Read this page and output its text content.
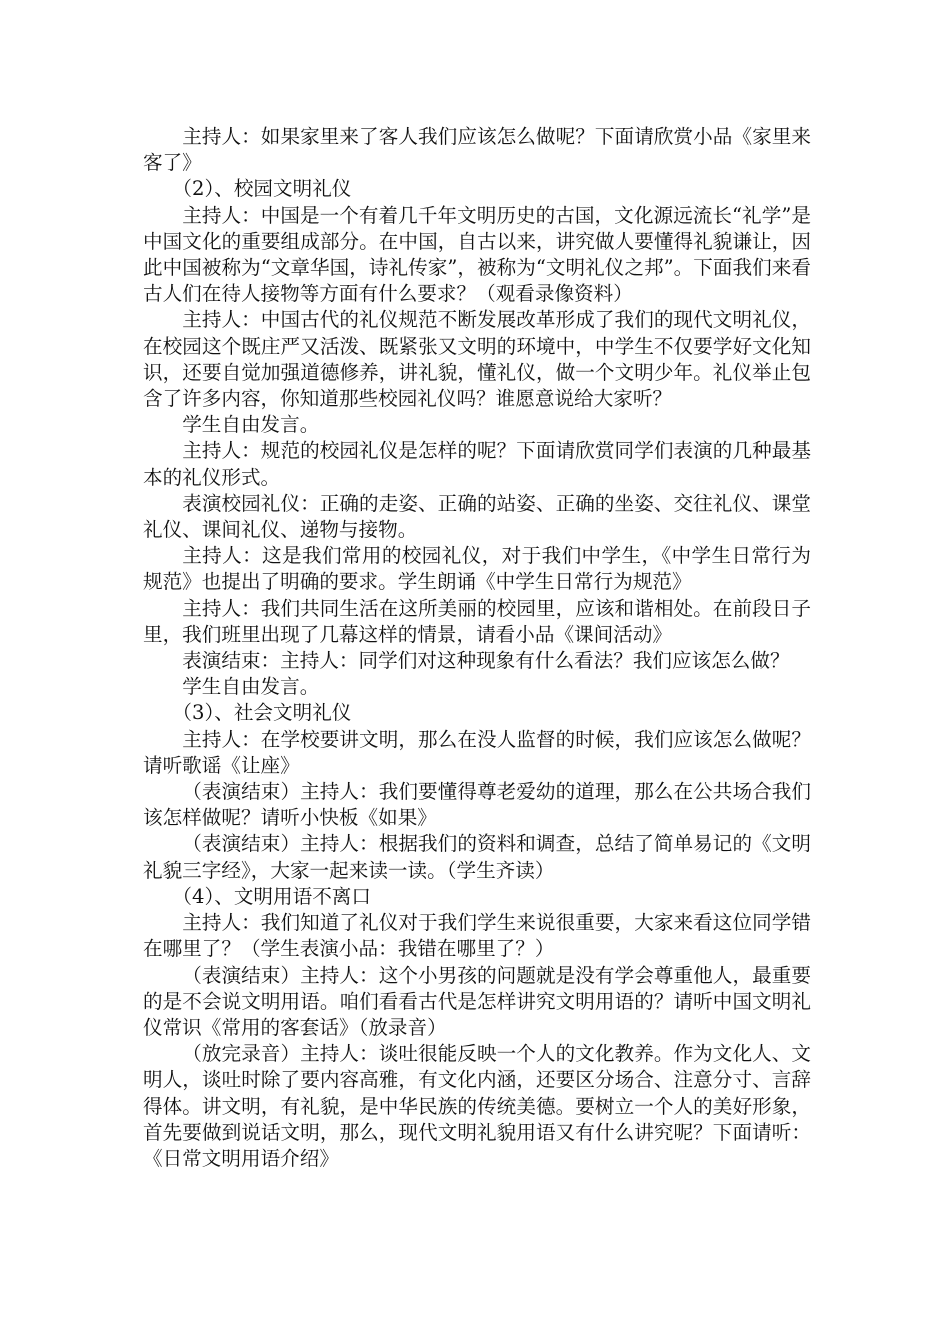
主持人：如果家里来了客人我们应该怎么做呢？下面请欣赏小品《家里来客了》

（2）、校园文明礼仪

主持人：中国是一个有着几千年文明历史的古国，文化源远流长“礼学”是中国文化的重要组成部分。在中国，自古以来，讲究做人要懂得礼貌谦让，因此中国被称为“文章华国，诗礼传家”，被称为“文明礼仪之邦”。下面我们来看古人们在待人接物等方面有什么要求？（观看录像资料）

主持人：中国古代的礼仪规范不断发展改革形成了我们的现代文明礼仪，在校园这个既庄严又活泼、既紧张又文明的环境中，中学生不仅要学好文化知识，还要自觉加强道德修养，讲礼貌，懂礼仪，做一个文明少年。礼仪举止包含了许多内容，你知道那些校园礼仪吗？谁愿意说给大家听？

学生自由发言。

主持人：规范的校园礼仪是怎样的呢？下面请欣赏同学们表演的几种最基本的礼仪形式。

表演校园礼仪：正确的走姿、正确的站姿、正确的坐姿、交往礼仪、课堂礼仪、课间礼仪、递物与接物。

主持人：这是我们常用的校园礼仪，对于我们中学生，《中学生日常行为规范》也提出了明确的要求。学生朗诵《中学生日常行为规范》

主持人：我们共同生活在这所美丽的校园里，应该和谐相处。在前段日子里，我们班里出现了几幕这样的情景，请看小品《课间活动》

表演结束：主持人：同学们对这种现象有什么看法？我们应该怎么做？

学生自由发言。

（3）、社会文明礼仪

主持人：在学校要讲文明，那么在没人监督的时候，我们应该怎么做呢？请听歌谣《让座》

（表演结束）主持人：我们要懂得尊老爱幼的道理，那么在公共场合我们该怎样做呢？请听小快板《如果》

（表演结束）主持人：根据我们的资料和调查，总结了简单易记的《文明礼貌三字经》，大家一起来读一读。（学生齐读）

（4）、文明用语不离口

主持人：我们知道了礼仪对于我们学生来说很重要，大家来看这位同学错在哪里了？（学生表演小品：我错在哪里了？）

（表演结束）主持人：这个小男孩的问题就是没有学会尊重他人，最重要的是不会说文明用语。咱们看看古代是怎样讲究文明用语的？请听中国文明礼仪常识《常用的客套话》（放录音）

（放完录音）主持人：谈吐很能反映一个人的文化教养。作为文化人、文明人，谈吐时除了要内容高雅，有文化内涵，还要区分场合、注意分寸、言辞得体。讲文明，有礼貌，是中华民族的传统美德。要树立一个人的美好形象，首先要做到说话文明，那么，现代文明礼貌用语又有什么讲究呢？下面请听：《日常文明用语介绍》
